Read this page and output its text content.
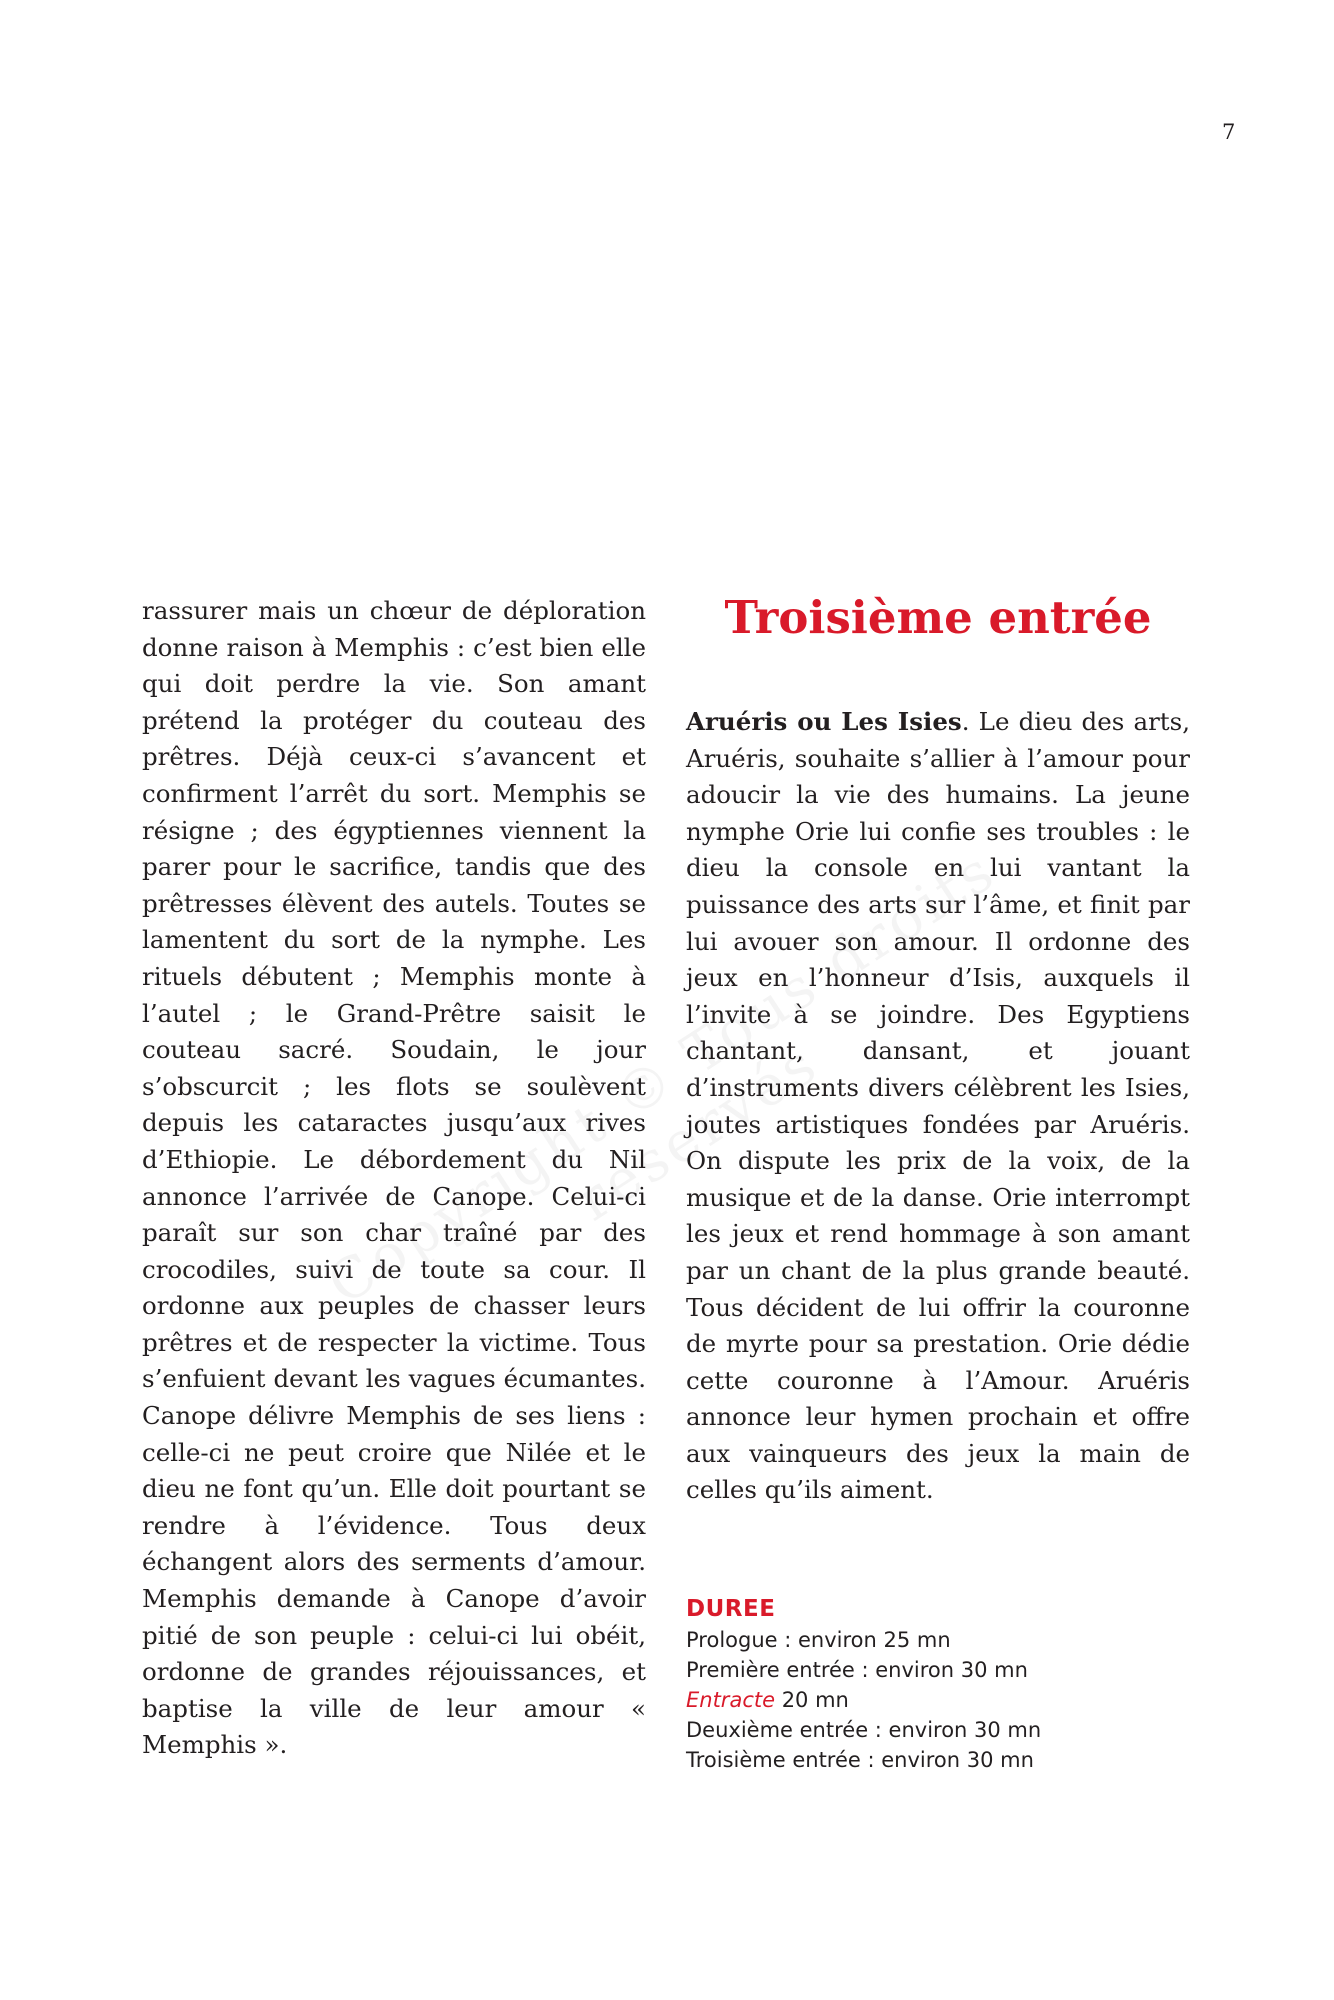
7

rassurer mais un chœur de déploration donne raison à Memphis : c’est bien elle qui doit perdre la vie. Son amant prétend la protéger du couteau des prêtres. Déjà ceux-ci s’avancent et confirment l’arrêt du sort. Memphis se résigne ; des égyptiennes viennent la parer pour le sacrifice, tandis que des prêtresses élèvent des autels. Toutes se lamentent du sort de la nymphe. Les rituels débutent ; Memphis monte à l’autel ; le Grand-Prêtre saisit le couteau sacré. Soudain, le jour s’obscurcit ; les flots se soulèvent depuis les cataractes jusqu’aux rives d’Ethiopie. Le débordement du Nil annonce l’arrivée de Canope. Celui-ci paraît sur son char traîné par des crocodiles, suivi de toute sa cour. Il ordonne aux peuples de chasser leurs prêtres et de respecter la victime. Tous s’enfuient devant les vagues écumantes. Canope délivre Memphis de ses liens : celle-ci ne peut croire que Nilée et le dieu ne font qu’un. Elle doit pourtant se rendre à l’évidence. Tous deux échangent alors des serments d’amour. Memphis demande à Canope d’avoir pitié de son peuple : celui-ci lui obéit, ordonne de grandes réjouissances, et baptise la ville de leur amour « Memphis ».

Troisième entrée

Aruéris ou Les Isies. Le dieu des arts, Aruéris, souhaite s’allier à l’amour pour adoucir la vie des humains. La jeune nymphe Orie lui confie ses troubles : le dieu la console en lui vantant la puissance des arts sur l’âme, et finit par lui avouer son amour. Il ordonne des jeux en l’honneur d’Isis, auxquels il l’invite à se joindre. Des Egyptiens chantant, dansant, et jouant d’instruments divers célèbrent les Isies, joutes artistiques fondées par Aruéris. On dispute les prix de la voix, de la musique et de la danse. Orie interrompt les jeux et rend hommage à son amant par un chant de la plus grande beauté. Tous décident de lui offrir la couronne de myrte pour sa prestation. Orie dédie cette couronne à l’Amour. Aruéris annonce leur hymen prochain et offre aux vainqueurs des jeux la main de celles qu’ils aiment.

DUREE
Prologue : environ 25 mn
Première entrée : environ 30 mn
Entracte 20 mn
Deuxième entrée : environ 30 mn
Troisième entrée : environ 30 mn
